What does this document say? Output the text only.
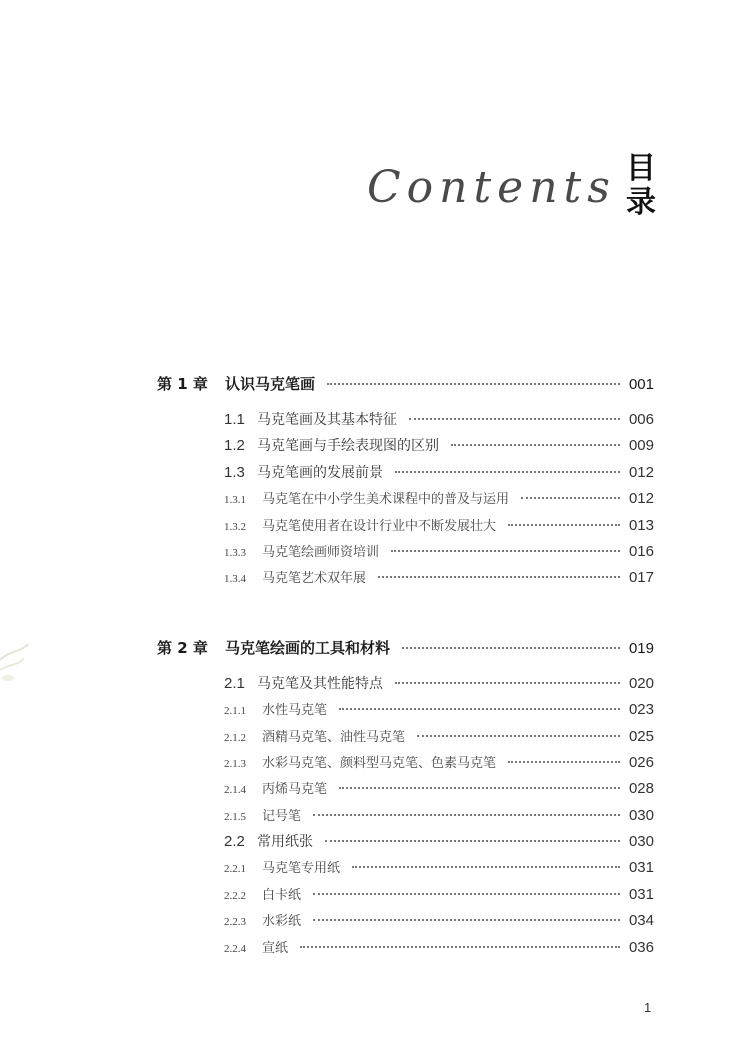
Contents 目
录
第 1 章	认识马克笔画	001
1.1 马克笔画及其基本特征	006
1.2 马克笔画与手绘表现图的区别	009
1.3 马克笔画的发展前景	012
1.3.1	马克笔在中小学生美术课程中的普及与运用	012
1.3.2	马克笔使用者在设计行业中不断发展壮大	013
1.3.3	马克笔绘画师资培训	016
1.3.4	马克笔艺术双年展	017
第 2 章	马克笔绘画的工具和材料	019
2.1 马克笔及其性能特点	020
2.1.1	水性马克笔	023
2.1.2	酒精马克笔、油性马克笔	025
2.1.3	水彩马克笔、颜料型马克笔、色素马克笔	026
2.1.4	丙烯马克笔	028
2.1.5	记号笔	030
2.2 常用纸张	030
2.2.1	马克笔专用纸	031
2.2.2	白卡纸	031
2.2.3	水彩纸	034
2.2.4	宣纸	036
1
